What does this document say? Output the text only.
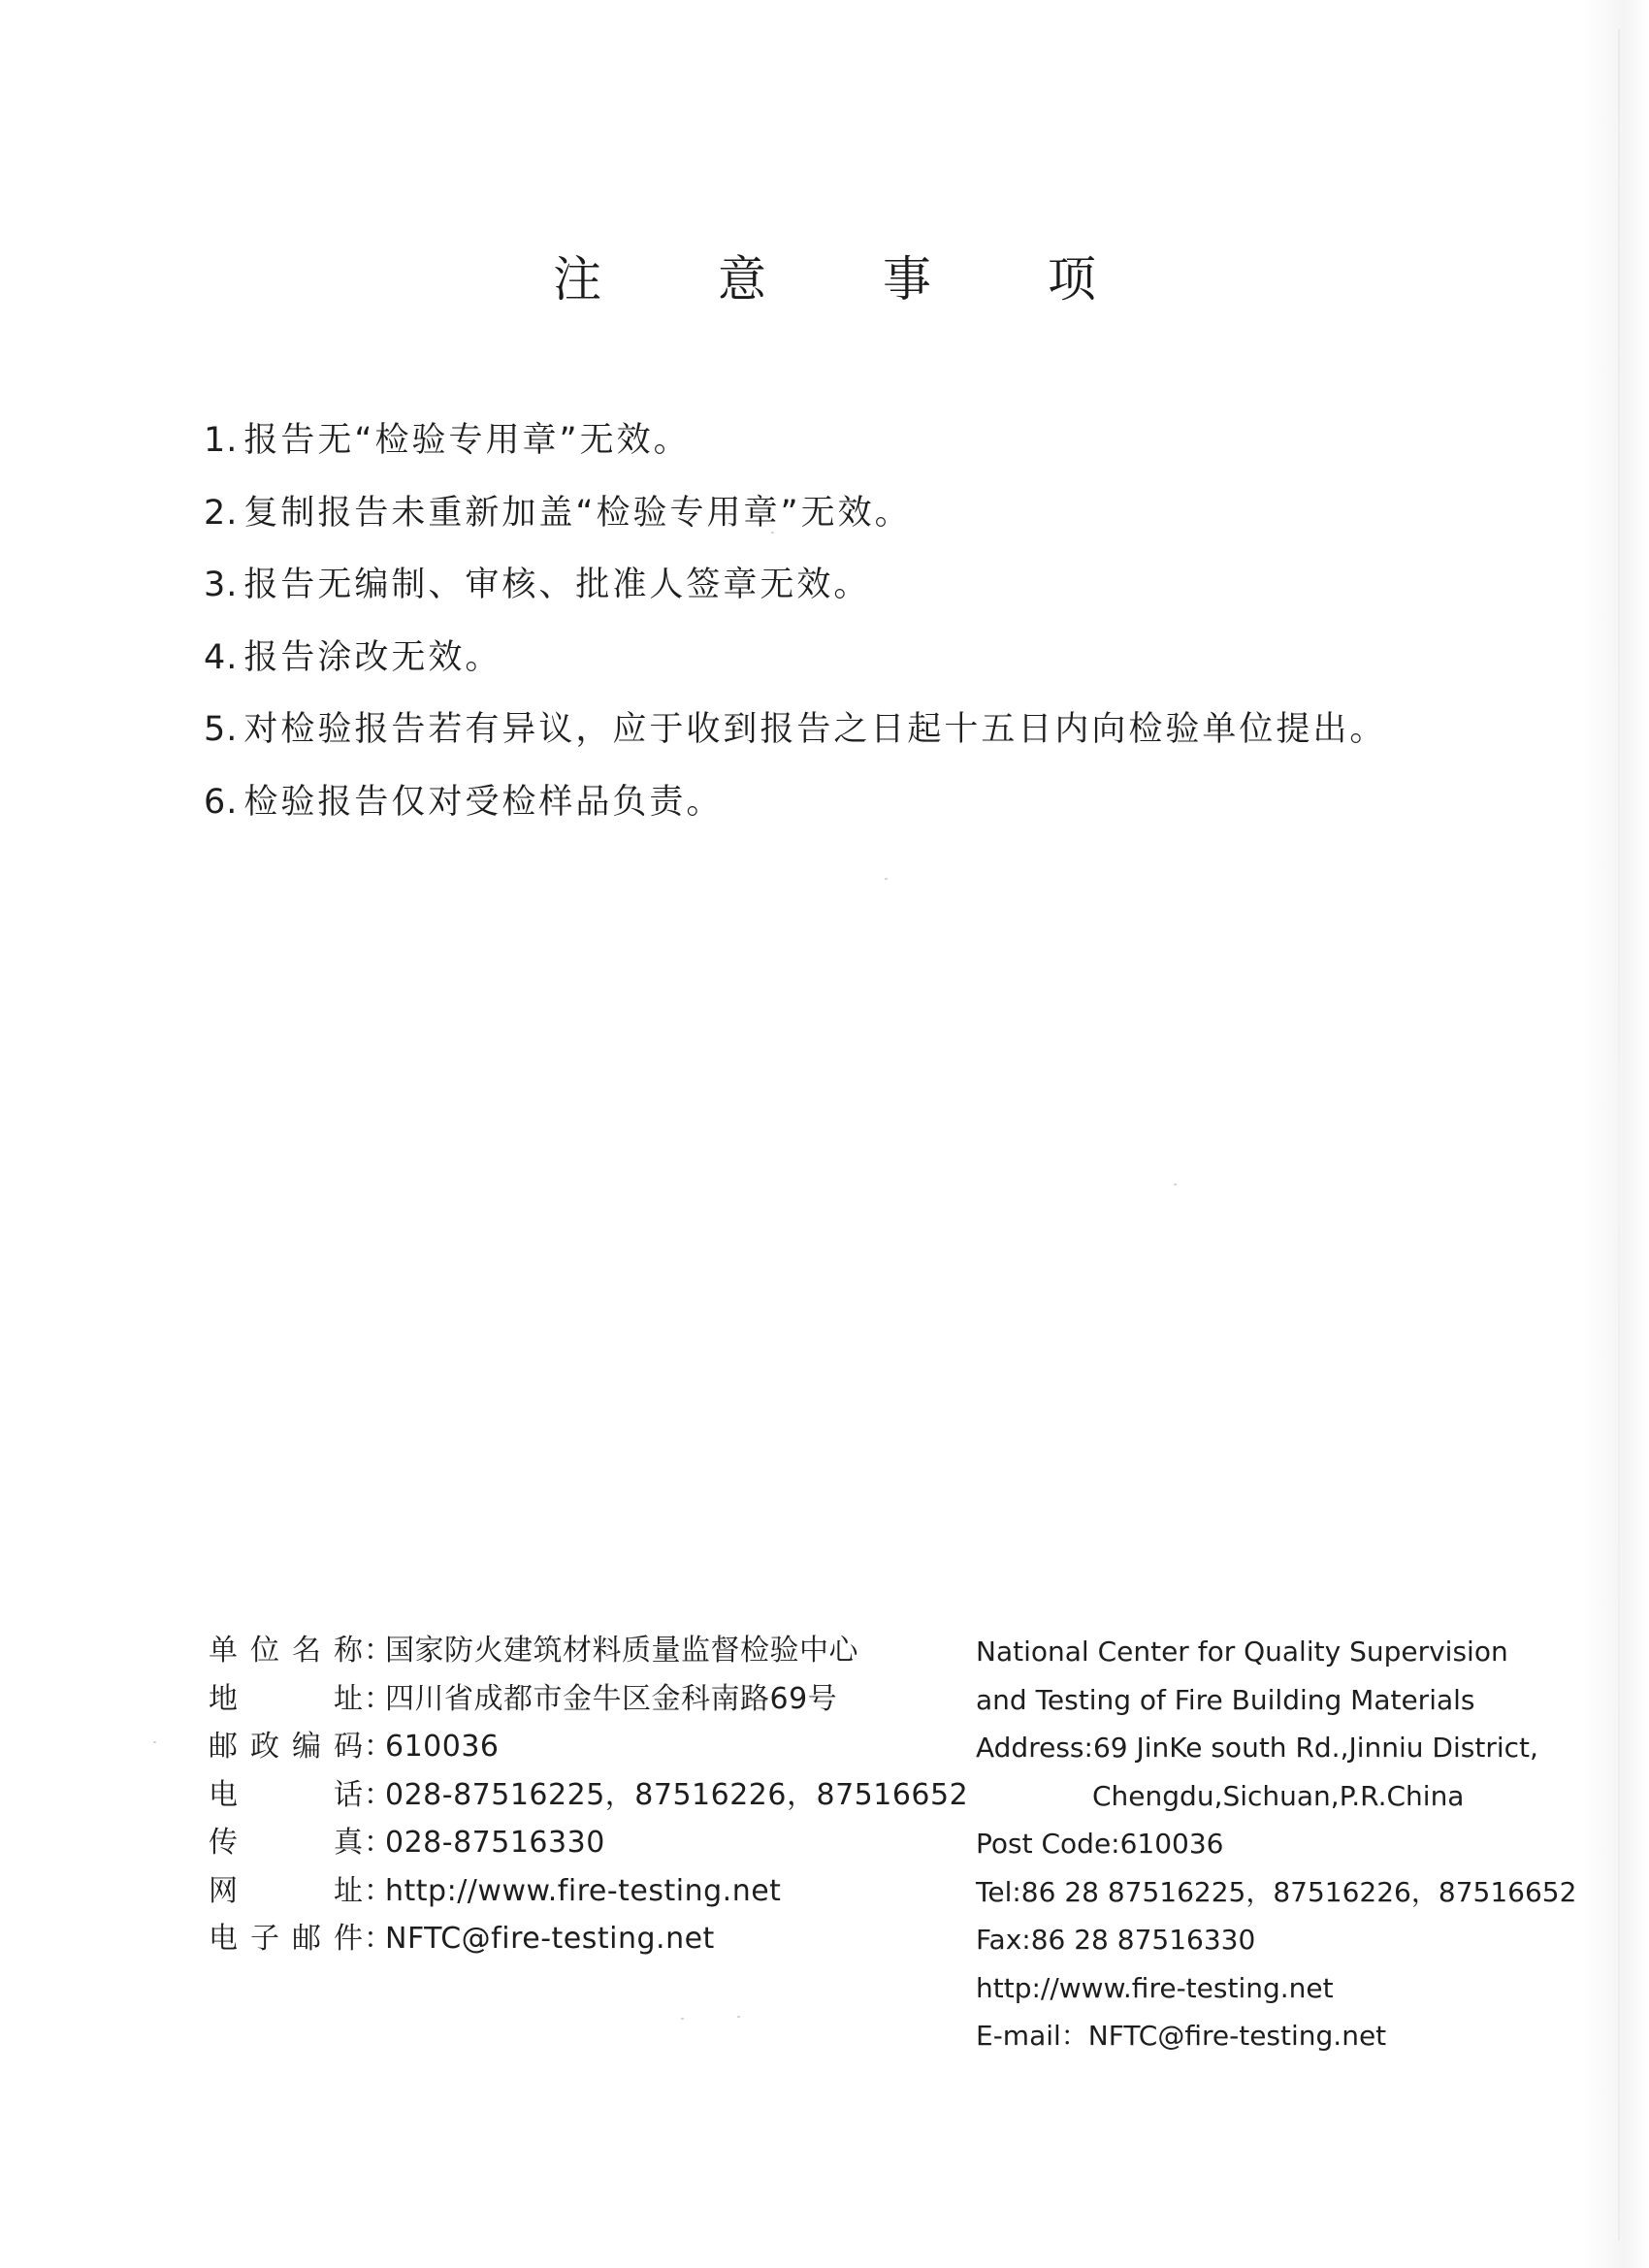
注 意 事 项
1. 报告无“检验专用章”无效。
2. 复制报告未重新加盖“检验专用章”无效。
3. 报告无编制、审核、批准人签章无效。
4. 报告涂改无效。
5. 对检验报告若有异议，应于收到报告之日起十五日内向检验单位提出。
6. 检验报告仅对受检样品负责。
单位名称：国家防火建筑材料质量监督检验中心
地址：四川省成都市金牛区金科南路69号
邮政编码：610036
电话：028-87516225，87516226，87516652
传真：028-87516330
网址：http://www.fire-testing.net
电子邮件：NFTC@fire-testing.net
National Center for Quality Supervision
and Testing of Fire Building Materials
Address:69 JinKe south Rd.,Jinniu District,
Chengdu,Sichuan,P.R.China
Post Code:610036
Tel:86 28 87516225，87516226，87516652
Fax:86 28 87516330
http://www.fire-testing.net
E-mail：NFTC@fire-testing.net
